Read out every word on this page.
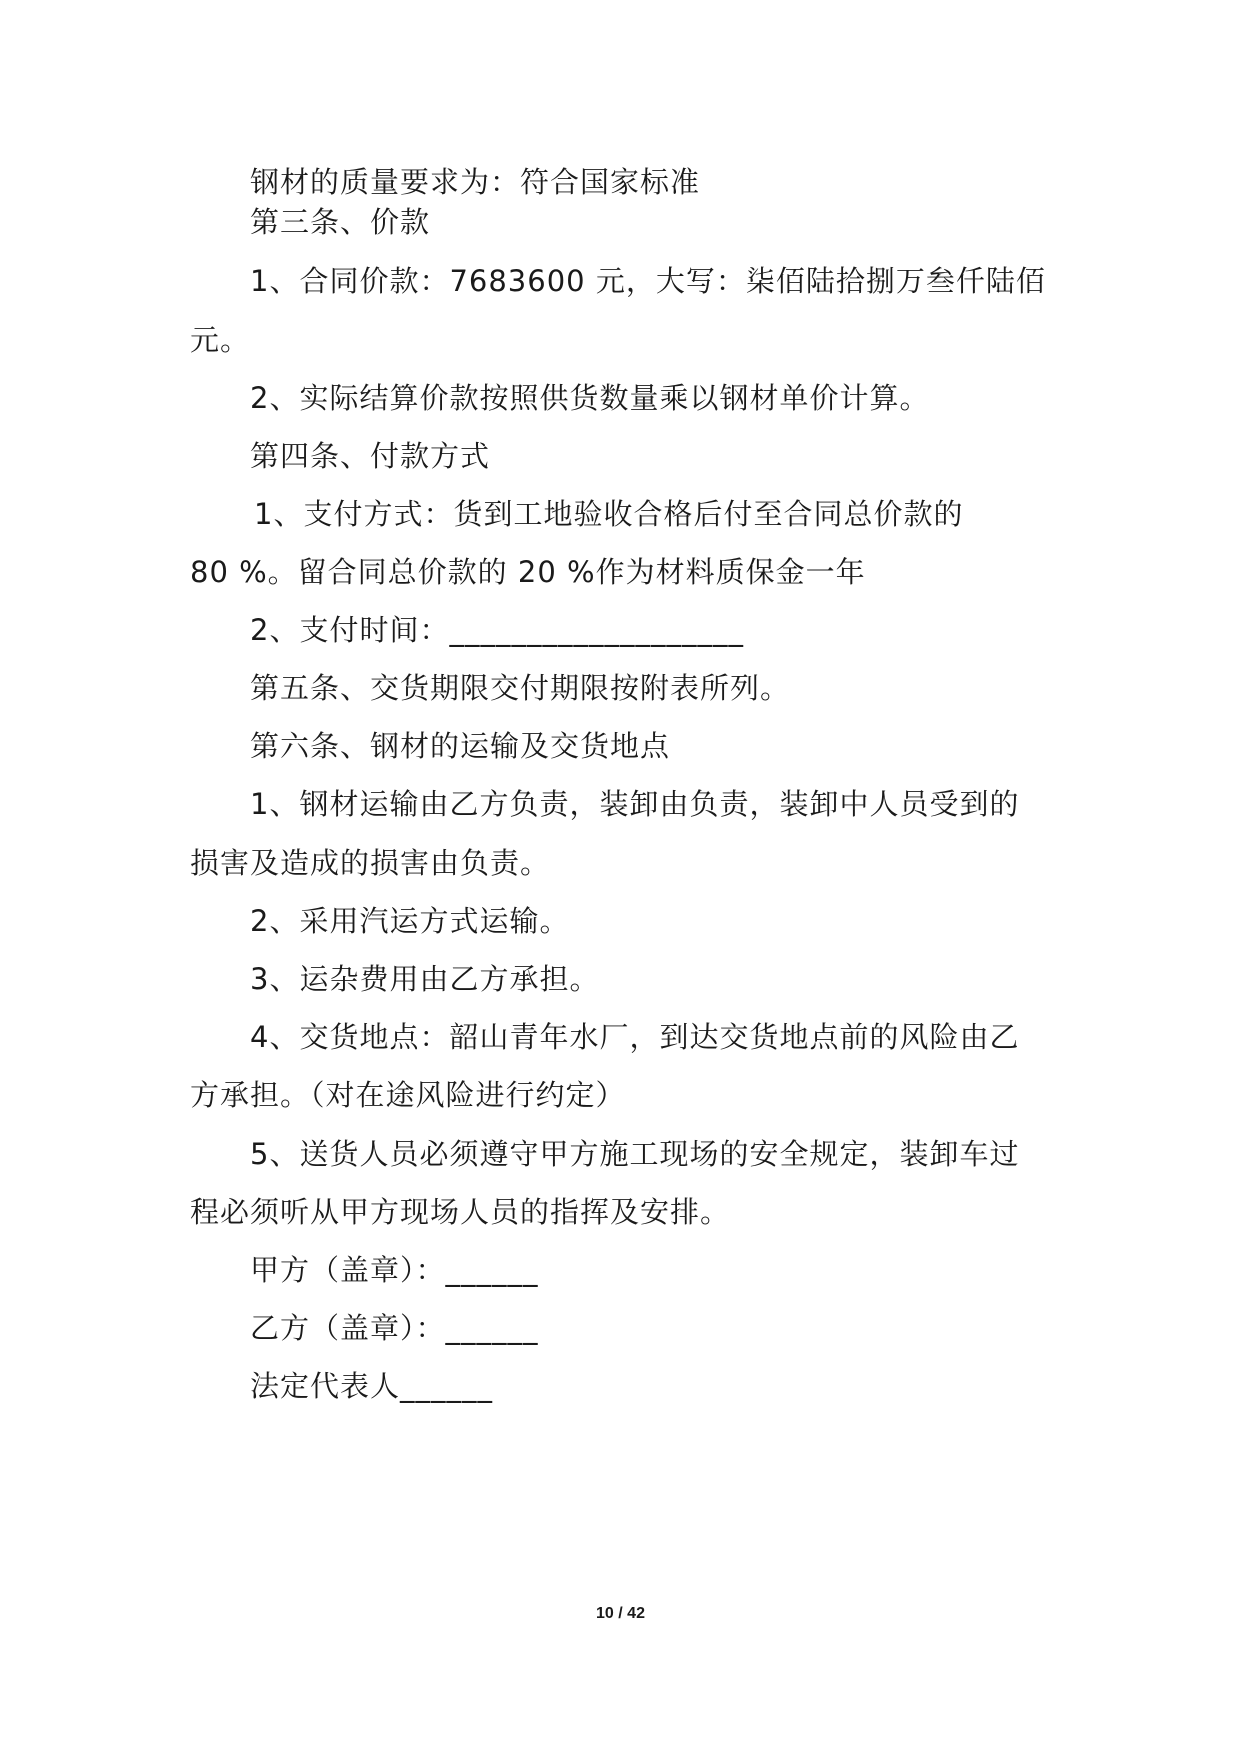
钢材的质量要求为：符合国家标准
第三条、价款
1、合同价款：7683600 元，大写：柒佰陆拾捌万叁仟陆佰
元。
2、实际结算价款按照供货数量乘以钢材单价计算。
第四条、付款方式
1、支付方式：货到工地验收合格后付至合同总价款的
80 %。留合同总价款的 20 %作为材料质保金一年
2、支付时间：___________________
第五条、交货期限交付期限按附表所列。
第六条、钢材的运输及交货地点
1、钢材运输由乙方负责，装卸由负责，装卸中人员受到的
损害及造成的损害由负责。
2、采用汽运方式运输。
3、运杂费用由乙方承担。
4、交货地点：韶山青年水厂，到达交货地点前的风险由乙
方承担。（对在途风险进行约定）
5、送货人员必须遵守甲方施工现场的安全规定，装卸车过
程必须听从甲方现场人员的指挥及安排。
甲方（盖章）：______
乙方（盖章）：______
法定代表人______
10 / 42
